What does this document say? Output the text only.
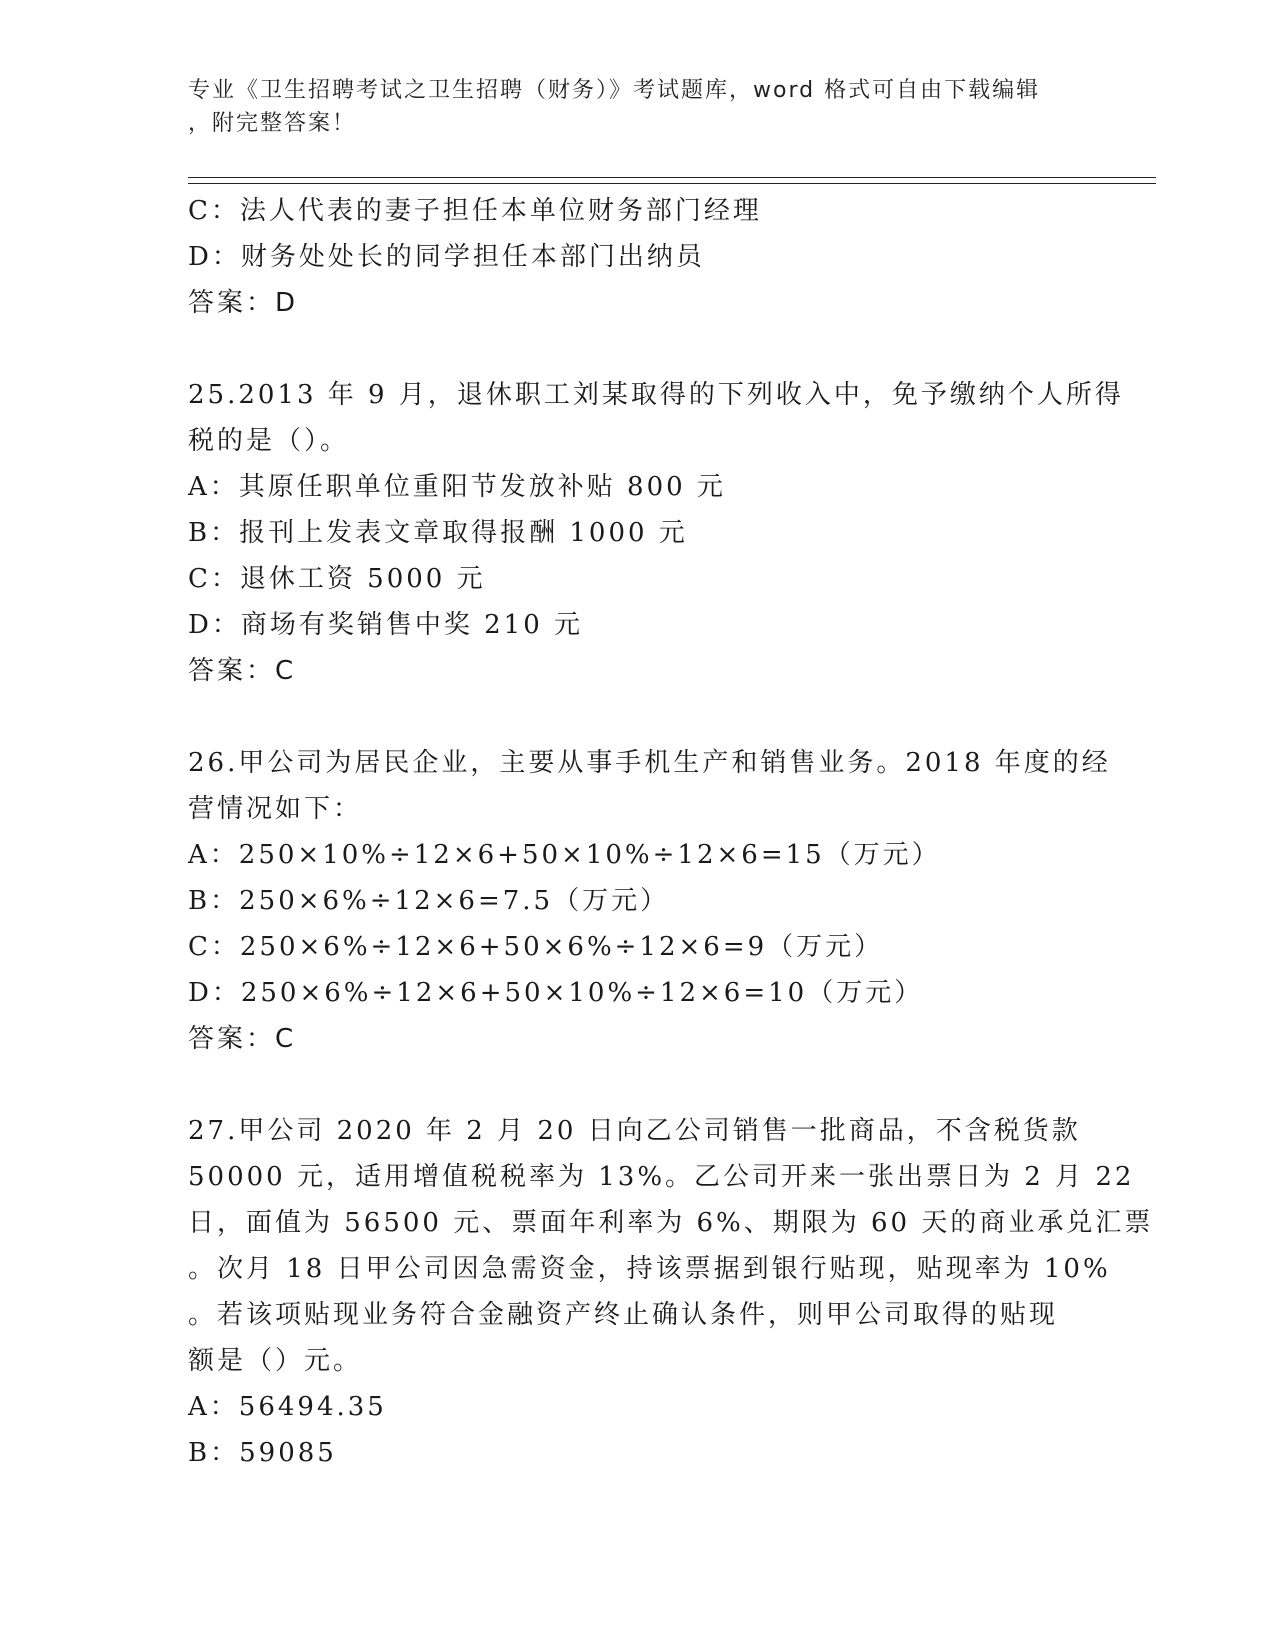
专业《卫生招聘考试之卫生招聘（财务）》考试题库，word 格式可自由下载编辑
，附完整答案！
C：法人代表的妻子担任本单位财务部门经理
D：财务处处长的同学担任本部门出纳员
答案：D
25.2013 年 9 月，退休职工刘某取得的下列收入中，免予缴纳个人所得
税的是（）。
A：其原任职单位重阳节发放补贴 800 元
B：报刊上发表文章取得报酬 1000 元
C：退休工资 5000 元
D：商场有奖销售中奖 210 元
答案：C
26.甲公司为居民企业，主要从事手机生产和销售业务。2018 年度的经
营情况如下：
A：250×10%÷12×6+50×10%÷12×6=15（万元）
B：250×6%÷12×6=7.5（万元）
C：250×6%÷12×6+50×6%÷12×6=9（万元）
D：250×6%÷12×6+50×10%÷12×6=10（万元）
答案：C
27.甲公司 2020 年 2 月 20 日向乙公司销售一批商品，不含税货款
50000 元，适用增值税税率为 13%。乙公司开来一张出票日为 2 月 22
日，面值为 56500 元、票面年利率为 6%、期限为 60 天的商业承兑汇票
。次月 18 日甲公司因急需资金，持该票据到银行贴现，贴现率为 10%
。若该项贴现业务符合金融资产终止确认条件，则甲公司取得的贴现
额是（）元。
A：56494.35
B：59085
